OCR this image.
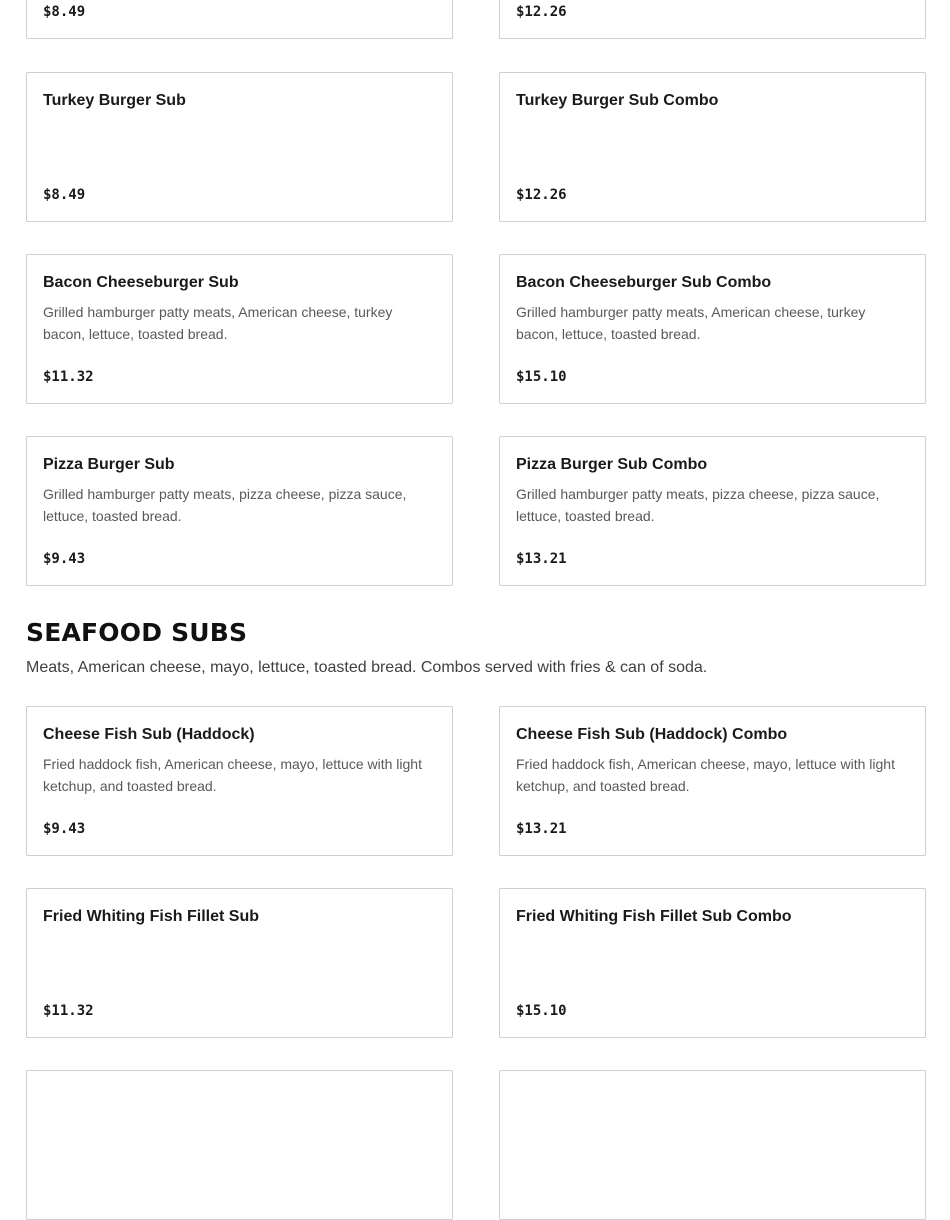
$8.49	$12.26
Turkey Burger Sub
$8.49
Turkey Burger Sub Combo
$12.26
Bacon Cheeseburger Sub
Grilled hamburger patty meats, American cheese, turkey bacon, lettuce, toasted bread.
$11.32
Bacon Cheeseburger Sub Combo
Grilled hamburger patty meats, American cheese, turkey bacon, lettuce, toasted bread.
$15.10
Pizza Burger Sub
Grilled hamburger patty meats, pizza cheese, pizza sauce, lettuce, toasted bread.
$9.43
Pizza Burger Sub Combo
Grilled hamburger patty meats, pizza cheese, pizza sauce, lettuce, toasted bread.
$13.21
SEAFOOD SUBS
Meats, American cheese, mayo, lettuce, toasted bread. Combos served with fries & can of soda.
Cheese Fish Sub (Haddock)
Fried haddock fish, American cheese, mayo, lettuce with light ketchup, and toasted bread.
$9.43
Cheese Fish Sub (Haddock) Combo
Fried haddock fish, American cheese, mayo, lettuce with light ketchup, and toasted bread.
$13.21
Fried Whiting Fish Fillet Sub
$11.32
Fried Whiting Fish Fillet Sub Combo
$15.10
